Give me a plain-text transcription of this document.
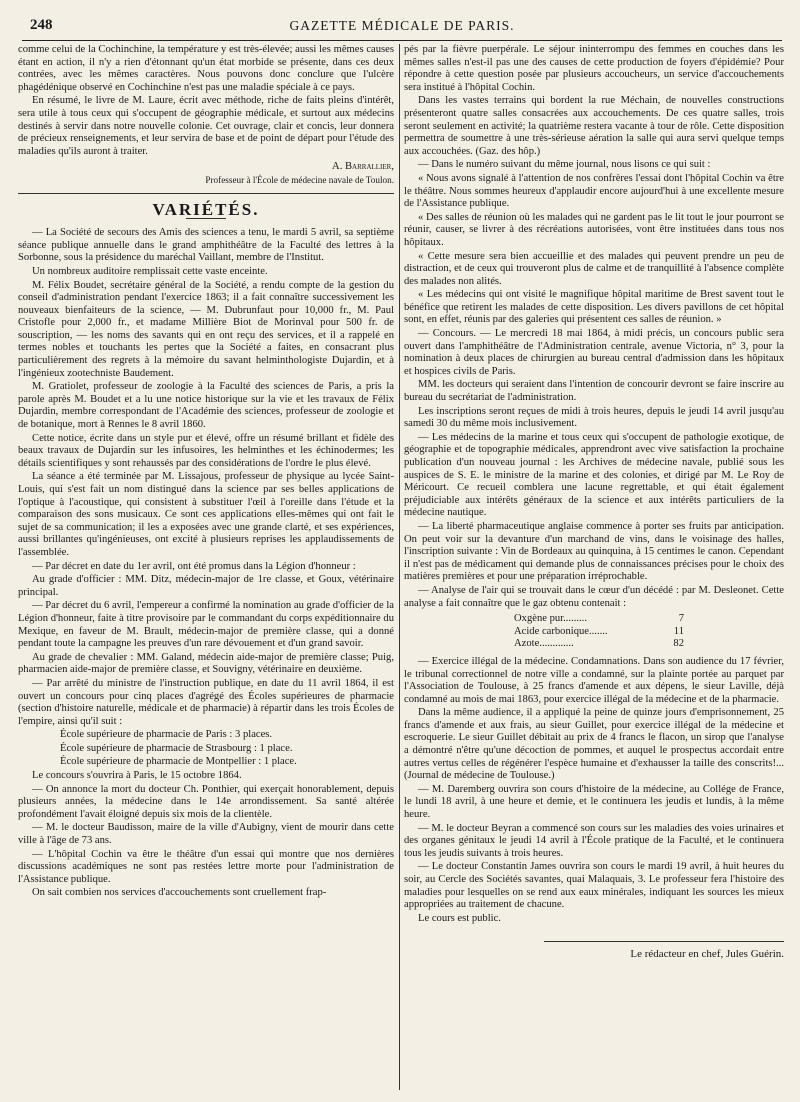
248	GAZETTE MÉDICALE DE PARIS.

comme celui de la Cochinchine, la température y est très-élevée; aussi les mêmes causes étant en action, il n'y a rien d'étonnant qu'un état morbide se présente, dans ces deux contrées, avec les mêmes caractères. Nous pouvons donc conclure que l'ulcère phagédénique observé en Cochinchine n'est pas une maladie spéciale à ce pays.

En résumé, le livre de M. Laure, écrit avec méthode, riche de faits pleins d'intérêt, sera utile à tous ceux qui s'occupent de géographie médicale, et surtout aux médecins destinés à servir dans notre nouvelle colonie. Cet ouvrage, clair et concis, leur donnera de précieux renseignements, et leur servira de base et de point de départ pour l'étude des maladies qu'ils auront à traiter.

A. Barrallier,
Professeur à l'École de médecine navale de Toulon.
VARIÉTÉS.

— La Société de secours des Amis des sciences a tenu, le mardi 5 avril, sa septième séance publique annuelle dans le grand amphithéâtre de la Faculté des lettres à la Sorbonne, sous la présidence du maréchal Vaillant, membre de l'Institut.

Un nombreux auditoire remplissait cette vaste enceinte.

M. Félix Boudet, secrétaire général de la Société, a rendu compte de la gestion du conseil d'administration pendant l'exercice 1863; il a fait connaître successivement les nouveaux bienfaiteurs de la science, — M. Dubrunfaut pour 10,000 fr., M. Paul Cristofle pour 2,000 fr., et madame Millière Biot de Morinval pour 500 fr. de souscription, — les noms des savants qui en ont reçu des services, et il a rappelé en termes nobles et touchants les pertes que la Société a faites, en consacrant plus particulièrement des regrets à la mémoire du savant helminthologiste Dujardin, et à l'ingénieux zootechniste Baudement.

M. Gratiolet, professeur de zoologie à la Faculté des sciences de Paris, a pris la parole après M. Boudet et a lu une notice historique sur la vie et les travaux de Félix Dujardin, membre correspondant de l'Académie des sciences, professeur de zoologie et de botanique, mort à Rennes le 8 avril 1860.

Cette notice, écrite dans un style pur et élevé, offre un résumé brillant et fidèle des beaux travaux de Dujardin sur les infusoires, les helminthes et les échinodermes; les détails scientifiques y sont rehaussés par des considérations de l'ordre le plus élevé.

La séance a été terminée par M. Lissajous, professeur de physique au lycée Saint-Louis, qui s'est fait un nom distingué dans la science par ses belles applications de l'optique à l'acoustique, qui consistent à substituer l'œil à l'oreille dans l'étude et la comparaison des sons musicaux. Ce sont ces applications elles-mêmes qui ont fait le sujet de sa communication; il les a exposées avec une grande clarté, et ses expériences, aussi brillantes qu'ingénieuses, ont excité à plusieurs reprises les applaudissements de l'assemblée.

— Par décret en date du 1er avril, ont été promus dans la Légion d'honneur :

Au grade d'officier : MM. Ditz, médecin-major de 1re classe, et Goux, vétérinaire principal.

— Par décret du 6 avril, l'empereur a confirmé la nomination au grade d'officier de la Légion d'honneur, faite à titre provisoire par le commandant du corps expéditionnaire du Mexique, en faveur de M. Brault, médecin-major de première classe, qui a donné pendant toute la campagne les preuves d'un rare dévouement et d'un grand savoir.

Au grade de chevalier : MM. Galand, médecin aide-major de première classe; Puig, pharmacien aide-major de première classe, et Souvigny, vétérinaire en deuxième.

— Par arrêté du ministre de l'instruction publique, en date du 11 avril 1864, il est ouvert un concours pour cinq places d'agrégé des Écoles supérieures de pharmacie (section d'histoire naturelle, médicale et de pharmacie) à répartir dans les trois Écoles de l'empire, ainsi qu'il suit :

École supérieure de pharmacie de Paris : 3 places.

École supérieure de pharmacie de Strasbourg : 1 place.

École supérieure de pharmacie de Montpellier : 1 place.

Le concours s'ouvrira à Paris, le 15 octobre 1864.

— On annonce la mort du docteur Ch. Ponthier, qui exerçait honorablement, depuis plusieurs années, la médecine dans le 14e arrondissement. Sa santé altérée profondément l'avait éloigné depuis six mois de la clientèle.

— M. le docteur Baudisson, maire de la ville d'Aubigny, vient de mourir dans cette ville à l'âge de 73 ans.

— L'hôpital Cochin va être le théâtre d'un essai qui montre que nos dernières discussions académiques ne sont pas restées lettre morte pour l'administration de l'Assistance publique.

On sait combien nos services d'accouchements sont cruellement frap-

pés par la fièvre puerpérale. Le séjour ininterrompu des femmes en couches dans les mêmes salles n'est-il pas une des causes de cette production de foyers d'épidémie? Pour répondre à cette question posée par plusieurs accoucheurs, un service d'accouchements sera institué à l'hôpital Cochin.

Dans les vastes terrains qui bordent la rue Méchain, de nouvelles constructions présenteront quatre salles consacrées aux accouchements. De ces quatre salles, trois seront seulement en activité; la quatrième restera vacante à tour de rôle. Cette disposition permettra de soumettre à une très-sérieuse aération la salle qui aura servi quelque temps aux accouchées. (Gaz. des hôp.)

— Dans le numéro suivant du même journal, nous lisons ce qui suit :

« Nous avons signalé à l'attention de nos confrères l'essai dont l'hôpital Cochin va être le théâtre. Nous sommes heureux d'applaudir encore aujourd'hui à une excellente mesure de l'Assistance publique.

« Des salles de réunion où les malades qui ne gardent pas le lit tout le jour pourront se réunir, causer, se livrer à des récréations autorisées, vont être instituées dans tous nos hôpitaux.

« Cette mesure sera bien accueillie et des malades qui peuvent prendre un peu de distraction, et de ceux qui trouveront plus de calme et de tranquillité à l'absence complète des malades non alités.

« Les médecins qui ont visité le magnifique hôpital maritime de Brest savent tout le bénéfice que retirent les malades de cette disposition. Les divers pavillons de cet hôpital sont, en effet, réunis par des galeries qui présentent ces salles de réunion. »

— Concours. — Le mercredi 18 mai 1864, à midi précis, un concours public sera ouvert dans l'amphithéâtre de l'Administration centrale, avenue Victoria, n° 3, pour la nomination à deux places de chirurgien au bureau central d'admission dans les hôpitaux et hospices civils de Paris.

MM. les docteurs qui seraient dans l'intention de concourir devront se faire inscrire au bureau du secrétariat de l'administration.

Les inscriptions seront reçues de midi à trois heures, depuis le jeudi 14 avril jusqu'au samedi 30 du même mois inclusivement.

— Les médecins de la marine et tous ceux qui s'occupent de pathologie exotique, de géographie et de topographie médicales, apprendront avec vive satisfaction la prochaine publication d'un nouveau journal : les Archives de médecine navale, publié sous les auspices de S. E. le ministre de la marine et des colonies, et dirigé par M. Le Roy de Méricourt. Ce recueil comblera une lacune regrettable, et qui était également préjudiciable aux intérêts généraux de la science et aux intérêts particuliers de la médecine nautique.

— La liberté pharmaceutique anglaise commence à porter ses fruits par anticipation. On peut voir sur la devanture d'un marchand de vins, dans le voisinage des halles, l'inscription suivante : Vin de Bordeaux au quinquina, à 15 centimes le canon. Cependant il n'est pas de médicament qui demande plus de connaissances précises pour le choix des matières premières et pour une préparation irréprochable.

— Analyse de l'air qui se trouvait dans le cœur d'un décédé : par M. Desleonet. Cette analyse a fait connaître que le gaz obtenu contenait :

Oxgène pur.........	7
Acide carbonique.......	11
Azote.............	82

— Exercice illégal de la médecine. Condamnations. Dans son audience du 17 février, le tribunal correctionnel de notre ville a condamné, sur la plainte portée au parquet par l'Association de Toulouse, à 25 francs d'amende et aux dépens, le sieur Laville, déjà condamné au mois de mai 1863, pour exercice illégal de la médecine et de la pharmacie.

Dans la même audience, il a appliqué la peine de quinze jours d'emprisonnement, 25 francs d'amende et aux frais, au sieur Guillet, pour exercice illégal de la médecine et escroquerie. Le sieur Guillet débitait au prix de 4 francs le flacon, un sirop que l'analyse a démontré n'être qu'une décoction de pommes, et auquel le prospectus accordait entre autres vertus celles de régénérer l'espèce humaine et d'exhausser la taille des conscrits!... (Journal de médecine de Toulouse.)

— M. Daremberg ouvrira son cours d'histoire de la médecine, au Collége de France, le lundi 18 avril, à une heure et demie, et le continuera les jeudis et lundis, à la même heure.

— M. le docteur Beyran a commencé son cours sur les maladies des voies urinaires et des organes génitaux le jeudi 14 avril à l'École pratique de la Faculté, et le continuera tous les jeudis suivants à trois heures.

— Le docteur Constantin James ouvrira son cours le mardi 19 avril, à huit heures du soir, au Cercle des Sociétés savantes, quai Malaquais, 3. Le professeur fera l'histoire des maladies pour lesquelles on se rend aux eaux minérales, indiquant les sources les mieux appropriées au traitement de chacune.

Le cours est public.

Le rédacteur en chef, Jules Guérin.
